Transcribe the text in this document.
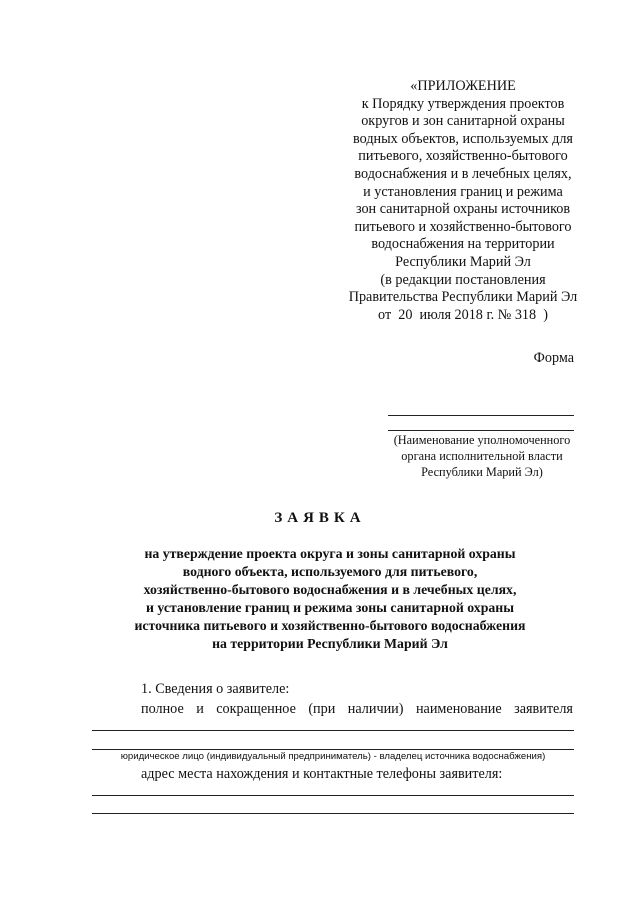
«ПРИЛОЖЕНИЕ
к Порядку утверждения проектов
округов и зон санитарной охраны
водных объектов, используемых для
питьевого, хозяйственно-бытового
водоснабжения и в лечебных целях,
и установления границ и режима
зон санитарной охраны источников
питьевого и хозяйственно-бытового
водоснабжения на территории
Республики Марий Эл
(в редакции постановления
Правительства Республики Марий Эл
от  20  июля 2018 г. № 318  )
Форма
(Наименование уполномоченного
органа исполнительной власти
Республики Марий Эл)
ЗАЯВКА
на утверждение проекта округа и зоны санитарной охраны
водного объекта, используемого для питьевого,
хозяйственно-бытового водоснабжения и в лечебных целях,
и установление границ и режима зоны санитарной охраны
источника питьевого и хозяйственно-бытового водоснабжения
на территории Республики Марий Эл
1. Сведения о заявителе:
полное и сокращенное (при наличии) наименование заявителя
юридическое лицо (индивидуальный предприниматель) - владелец источника водоснабжения)
адрес места нахождения и контактные телефоны заявителя:
